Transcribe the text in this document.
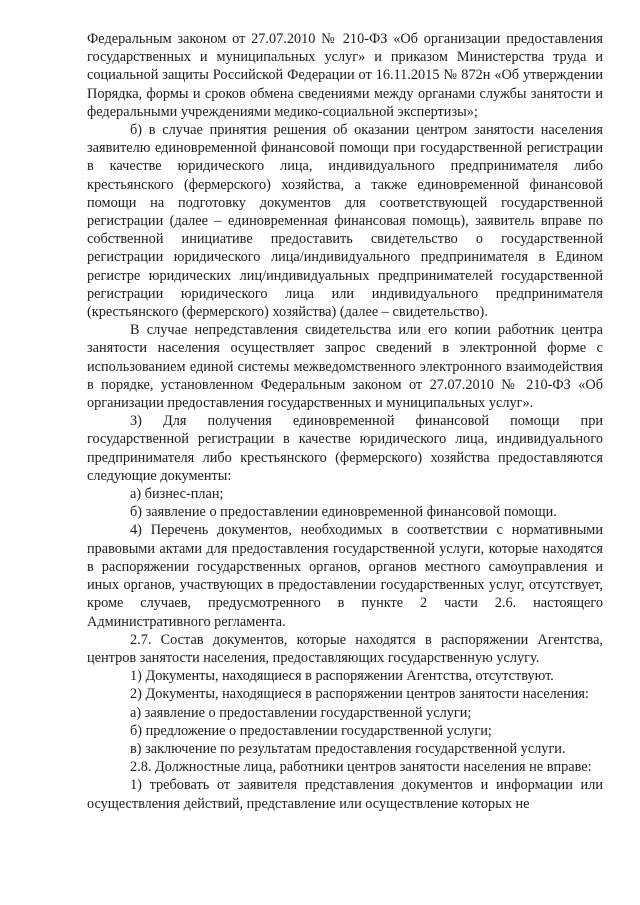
Федеральным законом от 27.07.2010 № 210-ФЗ «Об организации предоставления государственных и муниципальных услуг» и приказом Министерства труда и социальной защиты Российской Федерации от 16.11.2015 № 872н «Об утверждении Порядка, формы и сроков обмена сведениями между органами службы занятости и федеральными учреждениями медико-социальной экспертизы»;

б) в случае принятия решения об оказании центром занятости населения заявителю единовременной финансовой помощи при государственной регистрации в качестве юридического лица, индивидуального предпринимателя либо крестьянского (фермерского) хозяйства, а также единовременной финансовой помощи на подготовку документов для соответствующей государственной регистрации (далее – единовременная финансовая помощь), заявитель вправе по собственной инициативе предоставить свидетельство о государственной регистрации юридического лица/индивидуального предпринимателя в Едином регистре юридических лиц/индивидуальных предпринимателей государственной регистрации юридического лица или индивидуального предпринимателя (крестьянского (фермерского) хозяйства) (далее – свидетельство).

В случае непредставления свидетельства или его копии работник центра занятости населения осуществляет запрос сведений в электронной форме с использованием единой системы межведомственного электронного взаимодействия в порядке, установленном Федеральным законом от 27.07.2010 № 210-ФЗ «Об организации предоставления государственных и муниципальных услуг».

3) Для получения единовременной финансовой помощи при государственной регистрации в качестве юридического лица, индивидуального предпринимателя либо крестьянского (фермерского) хозяйства предоставляются следующие документы:

а) бизнес-план;

б) заявление о предоставлении единовременной финансовой помощи.

4) Перечень документов, необходимых в соответствии с нормативными правовыми актами для предоставления государственной услуги, которые находятся в распоряжении государственных органов, органов местного самоуправления и иных органов, участвующих в предоставлении государственных услуг, отсутствует, кроме случаев, предусмотренного в пункте 2 части 2.6. настоящего Административного регламента.

2.7. Состав документов, которые находятся в распоряжении Агентства, центров занятости населения, предоставляющих государственную услугу.

1) Документы, находящиеся в распоряжении Агентства, отсутствуют.

2) Документы, находящиеся в распоряжении центров занятости населения:

а) заявление о предоставлении государственной услуги;

б) предложение о предоставлении государственной услуги;

в) заключение по результатам предоставления государственной услуги.

2.8. Должностные лица, работники центров занятости населения не вправе:

1) требовать от заявителя представления документов и информации или осуществления действий, представление или осуществление которых не
